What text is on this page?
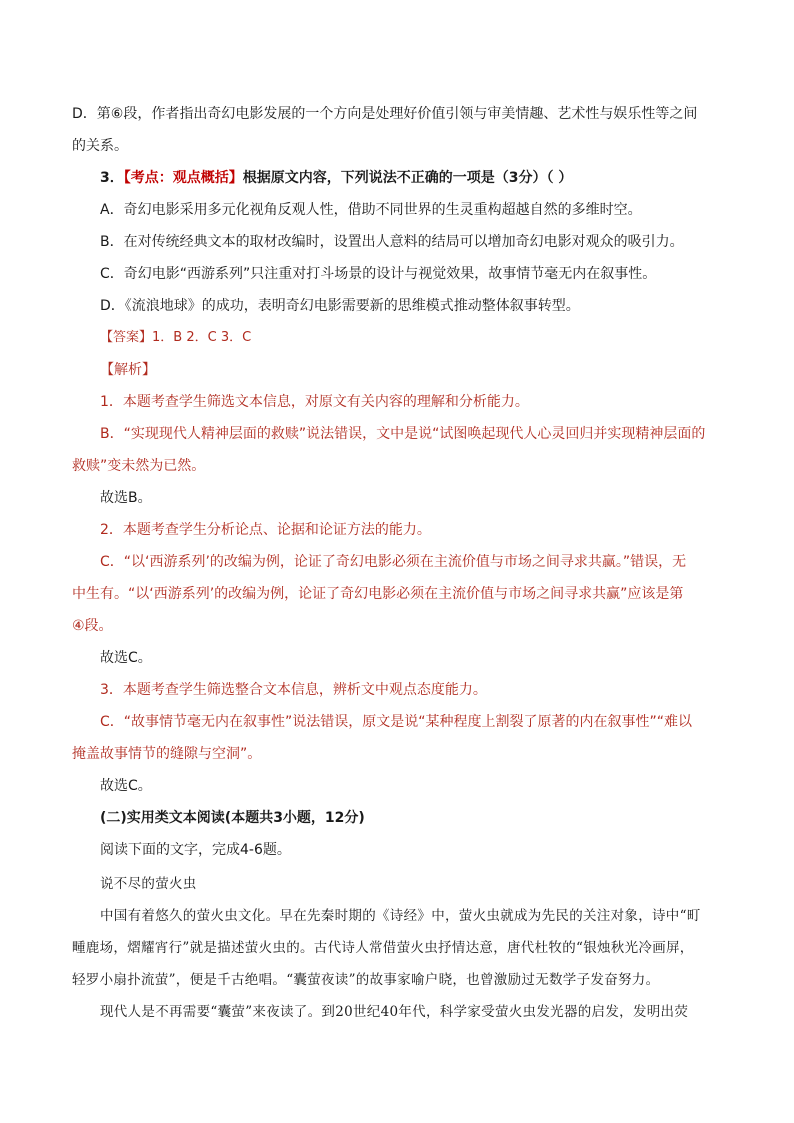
D．第⑥段，作者指出奇幻电影发展的一个方向是处理好价值引领与审美情趣、艺术性与娱乐性等之间
的关系。
3．【考点：观点概括】根据原文内容，下列说法不正确的一项是（3分）（ ）
A．奇幻电影采用多元化视角反观人性，借助不同世界的生灵重构超越自然的多维时空。
B．在对传统经典文本的取材改编时，设置出人意料的结局可以增加奇幻电影对观众的吸引力。
C．奇幻电影“西游系列”只注重对打斗场景的设计与视觉效果，故事情节毫无内在叙事性。
D．《流浪地球》的成功，表明奇幻电影需要新的思维模式推动整体叙事转型。
【答案】1．B 2．C 3．C
【解析】
1．本题考查学生筛选文本信息，对原文有关内容的理解和分析能力。
B．“实现现代人精神层面的救赎”说法错误，文中是说“试图唤起现代人心灵回归并实现精神层面的
救赎”变未然为已然。
故选B。
2．本题考查学生分析论点、论据和论证方法的能力。
C．“以‘西游系列’的改编为例，论证了奇幻电影必须在主流价值与市场之间寻求共赢。”错误，无
中生有。“以‘西游系列’的改编为例，论证了奇幻电影必须在主流价值与市场之间寻求共赢”应该是第
④段。
故选C。
3．本题考查学生筛选整合文本信息，辨析文中观点态度能力。
C．“故事情节毫无内在叙事性”说法错误，原文是说“某种程度上割裂了原著的内在叙事性”“难以
掩盖故事情节的缝隙与空洞”。
故选C。
(二)实用类文本阅读(本题共3小题，12分)
阅读下面的文字，完成4-6题。
说不尽的萤火虫
中国有着悠久的萤火虫文化。早在先秦时期的《诗经》中，萤火虫就成为先民的关注对象，诗中“町
畽鹿场，熠耀宵行”就是描述萤火虫的。古代诗人常借萤火虫抒情达意，唐代杜牧的“银烛秋光冷画屏，
轻罗小扇扑流萤”，便是千古绝唱。“囊萤夜读”的故事家喻户晓，也曾激励过无数学子发奋努力。
现代人是不再需要“囊萤”来夜读了。到20世纪40年代，科学家受萤火虫发光器的启发，发明出荧
